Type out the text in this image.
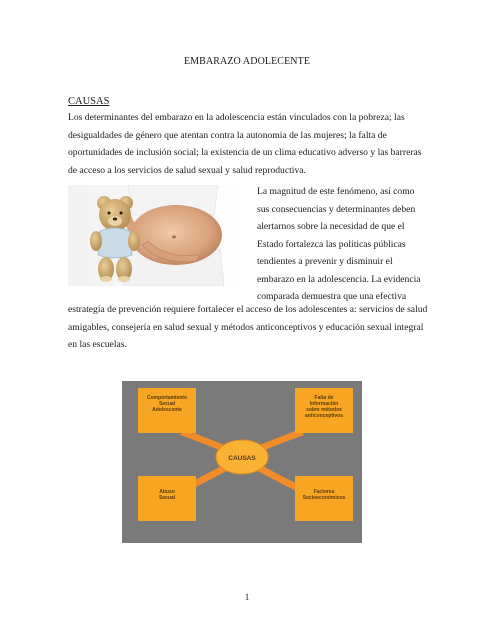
EMBARAZO ADOLECENTE
CAUSAS

Los determinantes del embarazo en la adolescencia están vinculados con la pobreza; las desigualdades de género que atentan contra la autonomía de las mujeres; la falta de oportunidades de inclusión social; la existencia de un clima educativo adverso y las barreras de acceso a los servicios de salud sexual y salud reproductiva.

La magnitud de este fenómeno, así como sus consecuencias y determinantes deben alertarnos sobre la necesidad de que el Estado fortalezca las políticas públicas tendientes a prevenir y disminuir el embarazo en la adolescencia. La evidencia comparada demuestra que una efectiva

estrategia de prevención requiere fortalecer el acceso de los adolescentes a: servicios de salud amigables, consejería en salud sexual y métodos anticonceptivos y educación sexual integral en las escuelas.

CAUSAS
Comportamiento
Sexual
Adolescente
Falta de
Información
sobre métodos
anticonceptivos
Abuso
Sexual
Factores
Socioeconómicos
1
